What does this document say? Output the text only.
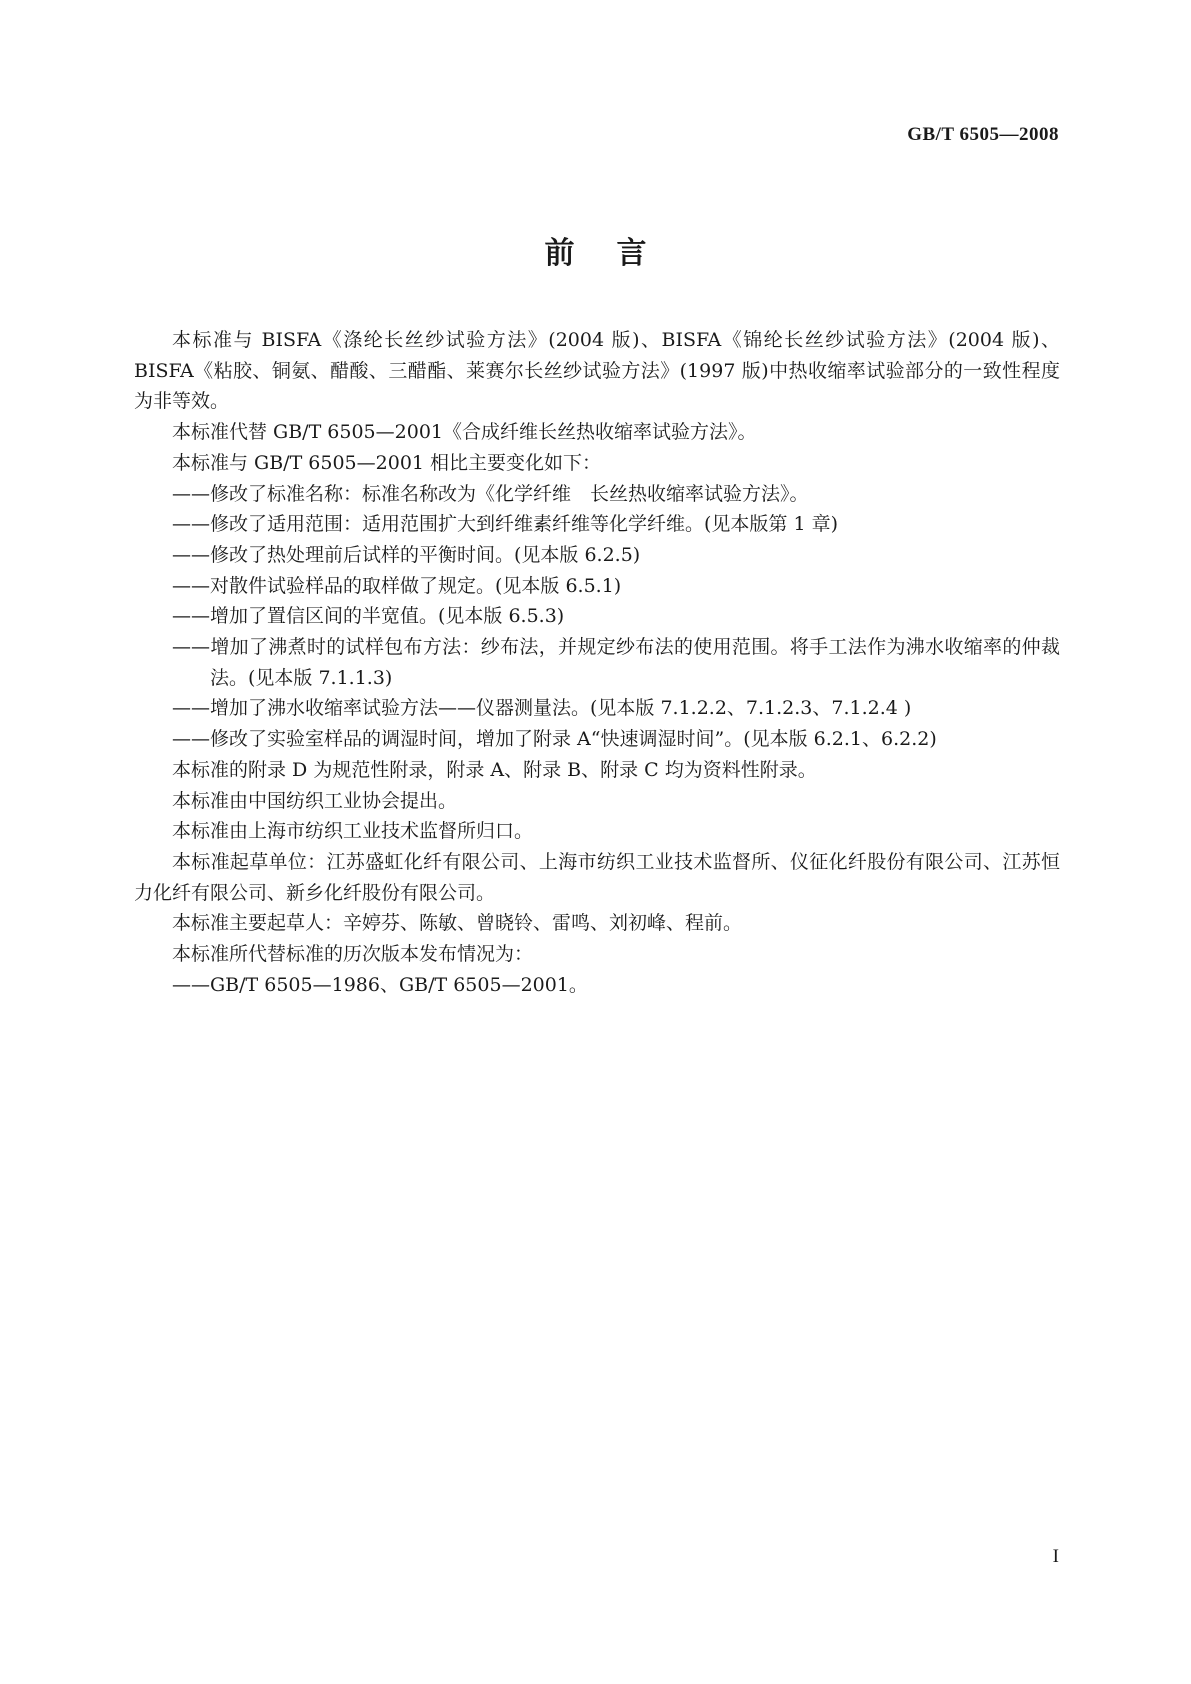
GB/T 6505—2008
前言

本标准与 BISFA《涤纶长丝纱试验方法》(2004 版)、BISFA《锦纶长丝纱试验方法》(2004 版)、BISFA《粘胶、铜氨、醋酸、三醋酯、莱赛尔长丝纱试验方法》(1997 版)中热收缩率试验部分的一致性程度为非等效。

本标准代替 GB/T 6505—2001《合成纤维长丝热收缩率试验方法》。

本标准与 GB/T 6505—2001 相比主要变化如下：

——修改了标准名称：标准名称改为《化学纤维　长丝热收缩率试验方法》。

——修改了适用范围：适用范围扩大到纤维素纤维等化学纤维。(见本版第 1 章)

——修改了热处理前后试样的平衡时间。(见本版 6.2.5)

——对散件试验样品的取样做了规定。(见本版 6.5.1)

——增加了置信区间的半宽值。(见本版 6.5.3)

——增加了沸煮时的试样包布方法：纱布法，并规定纱布法的使用范围。将手工法作为沸水收缩率的仲裁法。(见本版 7.1.1.3)

——增加了沸水收缩率试验方法——仪器测量法。(见本版 7.1.2.2、7.1.2.3、7.1.2.4 )

——修改了实验室样品的调湿时间，增加了附录 A“快速调湿时间”。(见本版 6.2.1、6.2.2)

本标准的附录 D 为规范性附录，附录 A、附录 B、附录 C 均为资料性附录。

本标准由中国纺织工业协会提出。

本标准由上海市纺织工业技术监督所归口。

本标准起草单位：江苏盛虹化纤有限公司、上海市纺织工业技术监督所、仪征化纤股份有限公司、江苏恒力化纤有限公司、新乡化纤股份有限公司。

本标准主要起草人：辛婷芬、陈敏、曾晓铃、雷鸣、刘初峰、程前。

本标准所代替标准的历次版本发布情况为：

——GB/T 6505—1986、GB/T 6505—2001。

I
